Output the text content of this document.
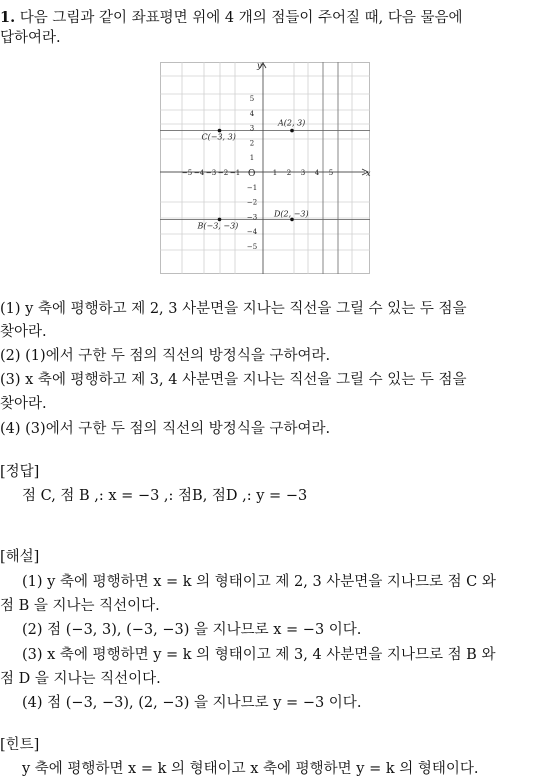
1. 다음 그림과 같이 좌표평면 위에 4 개의 점들이 주어질 때, 다음 물음에
답하여라.
x
y
O
−5 −4 −3 −2 −1	1 2 3 4 5
5
4
3
2
1
−1
−2
−3
−4
−5
A(2, 3)
C(−3, 3)
D(2, −3)
B(−3, −3)
(1) y 축에 평행하고 제 2, 3 사분면을 지나는 직선을 그릴 수 있는 두 점을
찾아라.
(2) (1)에서 구한 두 점의 직선의 방정식을 구하여라.
(3) x 축에 평행하고 제 3, 4 사분면을 지나는 직선을 그릴 수 있는 두 점을
찾아라.
(4) (3)에서 구한 두 점의 직선의 방정식을 구하여라.
[정답]
점 C, 점 B ,: x = −3 ,: 점B, 점D ,: y = −3
[해설]
(1) y 축에 평행하면 x = k 의 형태이고 제 2, 3 사분면을 지나므로 점 C 와
점 B 을 지나는 직선이다.
(2) 점 (−3, 3), (−3, −3) 을 지나므로 x = −3 이다.
(3) x 축에 평행하면 y = k 의 형태이고 제 3, 4 사분면을 지나므로 점 B 와
점 D 을 지나는 직선이다.
(4) 점 (−3, −3), (2, −3) 을 지나므로 y = −3 이다.
[힌트]
y 축에 평행하면 x = k 의 형태이고 x 축에 평행하면 y = k 의 형태이다.
